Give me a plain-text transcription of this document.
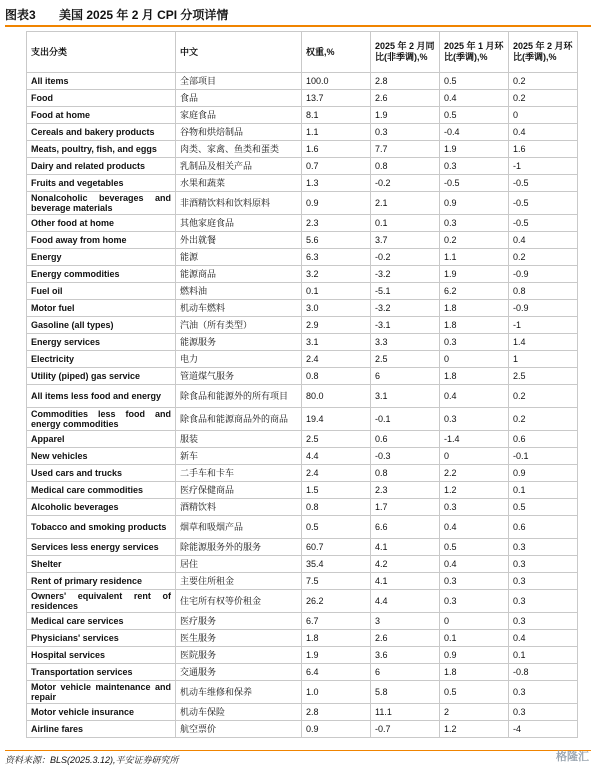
图表3 美国 2025 年 2 月 CPI 分项详情
支出分类	中文	权重,%	2025 年 2 月同比(非季调),%	2025 年 1 月环比(季调),%	2025 年 2 月环比(季调),%
All items	全部项目	100.0	2.8	0.5	0.2
Food	食品	13.7	2.6	0.4	0.2
Food at home	家庭食品	8.1	1.9	0.5	0
Cereals and bakery products	谷物和烘焙制品	1.1	0.3	-0.4	0.4
Meats, poultry, fish, and eggs	肉类、家禽、鱼类和蛋类	1.6	7.7	1.9	1.6
Dairy and related products	乳制品及相关产品	0.7	0.8	0.3	-1
Fruits and vegetables	水果和蔬菜	1.3	-0.2	-0.5	-0.5
Nonalcoholic beverages and beverage materials	非酒精饮料和饮料原料	0.9	2.1	0.9	-0.5
Other food at home	其他家庭食品	2.3	0.1	0.3	-0.5
Food away from home	外出就餐	5.6	3.7	0.2	0.4
Energy	能源	6.3	-0.2	1.1	0.2
Energy commodities	能源商品	3.2	-3.2	1.9	-0.9
Fuel oil	燃料油	0.1	-5.1	6.2	0.8
Motor fuel	机动车燃料	3.0	-3.2	1.8	-0.9
Gasoline (all types)	汽油（所有类型）	2.9	-3.1	1.8	-1
Energy services	能源服务	3.1	3.3	0.3	1.4
Electricity	电力	2.4	2.5	0	1
Utility (piped) gas service	管道煤气服务	0.8	6	1.8	2.5
All items less food and energy	除食品和能源外的所有项目	80.0	3.1	0.4	0.2
Commodities less food and energy commodities	除食品和能源商品外的商品	19.4	-0.1	0.3	0.2
Apparel	服装	2.5	0.6	-1.4	0.6
New vehicles	新车	4.4	-0.3	0	-0.1
Used cars and trucks	二手车和卡车	2.4	0.8	2.2	0.9
Medical care commodities	医疗保健商品	1.5	2.3	1.2	0.1
Alcoholic beverages	酒精饮料	0.8	1.7	0.3	0.5
Tobacco and smoking products	烟草和吸烟产品	0.5	6.6	0.4	0.6
Services less energy services	除能源服务外的服务	60.7	4.1	0.5	0.3
Shelter	居住	35.4	4.2	0.4	0.3
Rent of primary residence	主要住所租金	7.5	4.1	0.3	0.3
Owners' equivalent rent of residences	住宅所有权等价租金	26.2	4.4	0.3	0.3
Medical care services	医疗服务	6.7	3	0	0.3
Physicians' services	医生服务	1.8	2.6	0.1	0.4
Hospital services	医院服务	1.9	3.6	0.9	0.1
Transportation services	交通服务	6.4	6	1.8	-0.8
Motor vehicle maintenance and repair	机动车维修和保养	1.0	5.8	0.5	0.3
Motor vehicle insurance	机动车保险	2.8	11.1	2	0.3
Airline fares	航空票价	0.9	-0.7	1.2	-4
资料来源：BLS(2025.3.12),平安证券研究所	格隆汇
